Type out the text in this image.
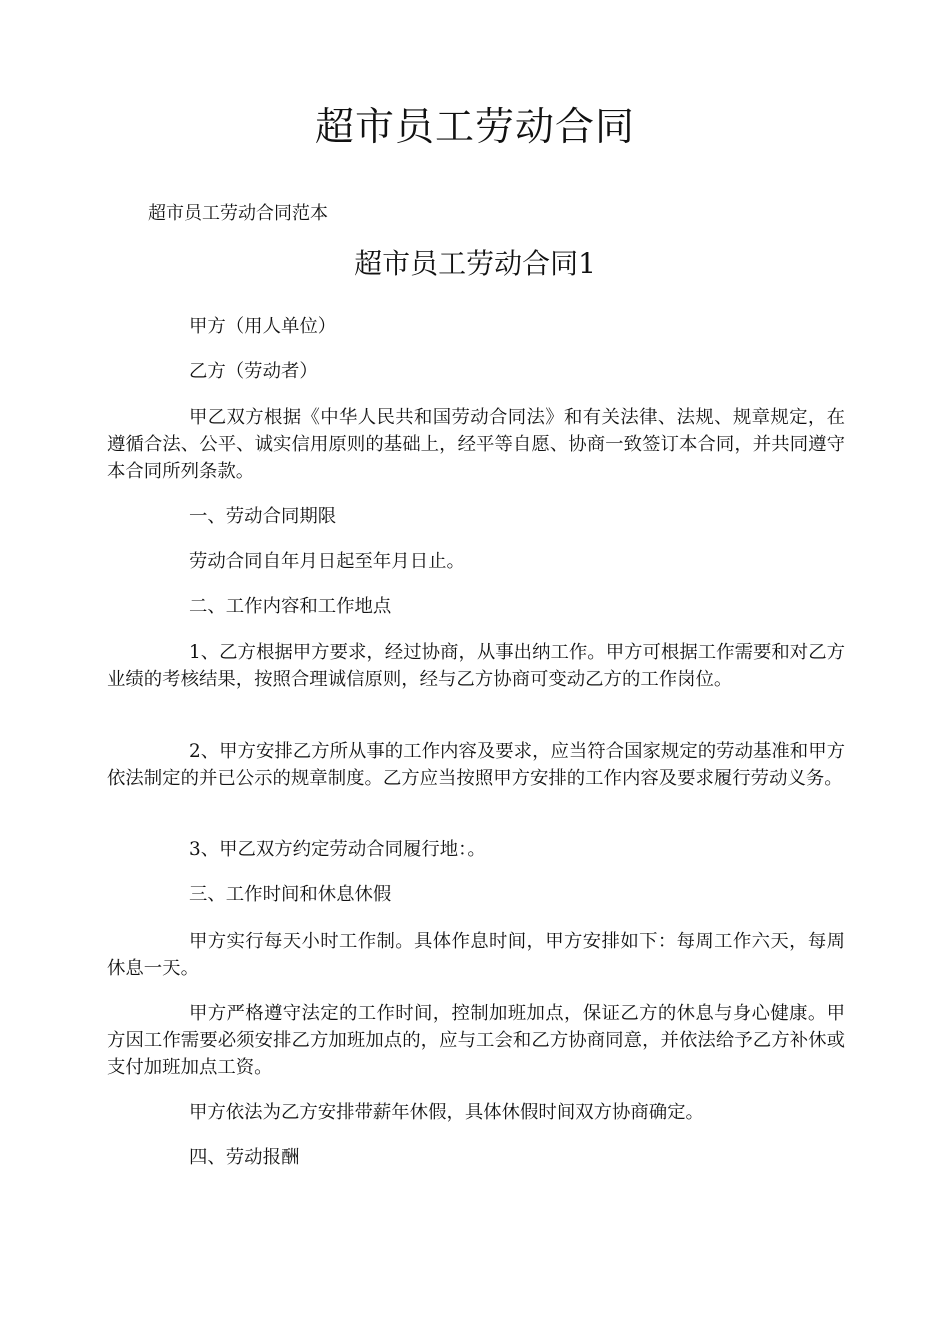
超市员工劳动合同

超市员工劳动合同范本

超市员工劳动合同1

甲方（用人单位）

乙方（劳动者）

甲乙双方根据《中华人民共和国劳动合同法》和有关法律、法规、规章规定，在遵循合法、公平、诚实信用原则的基础上，经平等自愿、协商一致签订本合同，并共同遵守本合同所列条款。

一、劳动合同期限

劳动合同自年月日起至年月日止。

二、工作内容和工作地点

1、乙方根据甲方要求，经过协商，从事出纳工作。甲方可根据工作需要和对乙方业绩的考核结果，按照合理诚信原则，经与乙方协商可变动乙方的工作岗位。

2、甲方安排乙方所从事的工作内容及要求，应当符合国家规定的劳动基准和甲方依法制定的并已公示的规章制度。乙方应当按照甲方安排的工作内容及要求履行劳动义务。

3、甲乙双方约定劳动合同履行地：。

三、工作时间和休息休假

甲方实行每天小时工作制。具体作息时间，甲方安排如下：每周工作六天，每周休息一天。

甲方严格遵守法定的工作时间，控制加班加点，保证乙方的休息与身心健康。甲方因工作需要必须安排乙方加班加点的，应与工会和乙方协商同意，并依法给予乙方补休或支付加班加点工资。

甲方依法为乙方安排带薪年休假，具体休假时间双方协商确定。

四、劳动报酬
